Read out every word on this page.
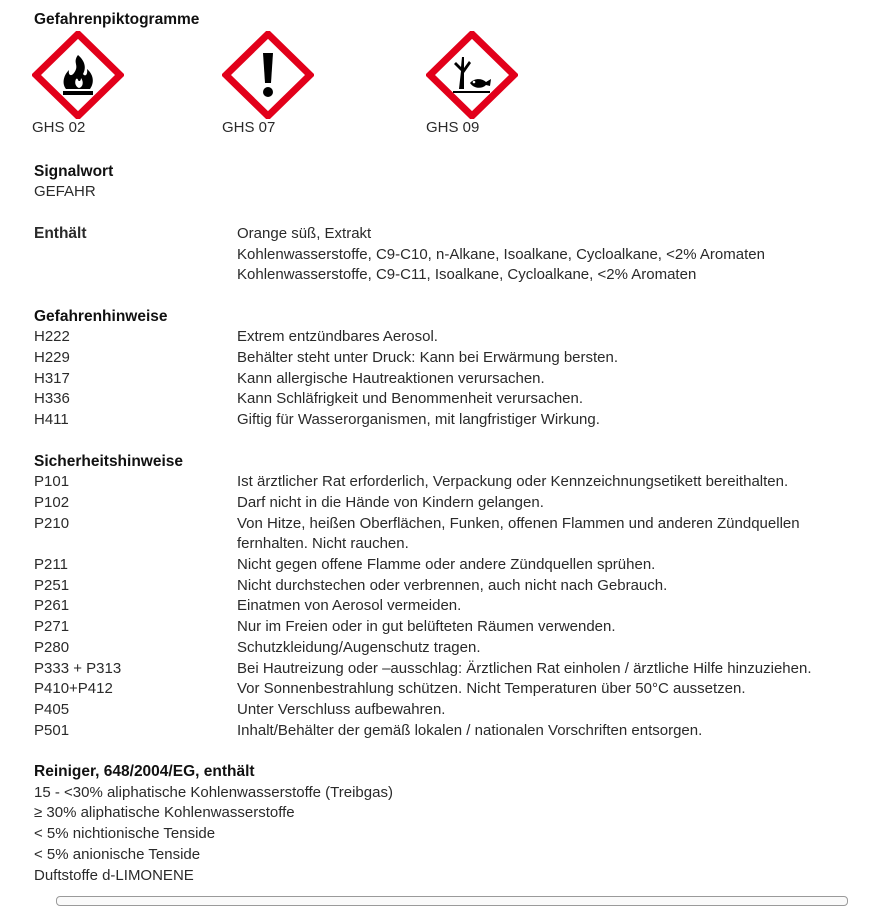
Gefahrenpiktogramme
GHS 02	GHS 07	GHS 09
Signalwort
GEFAHR
Enthält	Orange süß, Extrakt
Kohlenwasserstoffe, C9-C10, n-Alkane, Isoalkane, Cycloalkane, <2% Aromaten
Kohlenwasserstoffe, C9-C11, Isoalkane, Cycloalkane, <2% Aromaten
Gefahrenhinweise
H222	Extrem entzündbares Aerosol.
H229	Behälter steht unter Druck: Kann bei Erwärmung bersten.
H317	Kann allergische Hautreaktionen verursachen.
H336	Kann Schläfrigkeit und Benommenheit verursachen.
H411	Giftig für Wasserorganismen, mit langfristiger Wirkung.
Sicherheitshinweise
P101	Ist ärztlicher Rat erforderlich, Verpackung oder Kennzeichnungsetikett bereithalten.
P102	Darf nicht in die Hände von Kindern gelangen.
P210	Von Hitze, heißen Oberflächen, Funken, offenen Flammen und anderen Zündquellen
fernhalten. Nicht rauchen.
P211	Nicht gegen offene Flamme oder andere Zündquellen sprühen.
P251	Nicht durchstechen oder verbrennen, auch nicht nach Gebrauch.
P261	Einatmen von Aerosol vermeiden.
P271	Nur im Freien oder in gut belüfteten Räumen verwenden.
P280	Schutzkleidung/Augenschutz tragen.
P333 + P313	Bei Hautreizung oder –ausschlag: Ärztlichen Rat einholen / ärztliche Hilfe hinzuziehen.
P410+P412	Vor Sonnenbestrahlung schützen. Nicht Temperaturen über 50°C aussetzen.
P405	Unter Verschluss aufbewahren.
P501	Inhalt/Behälter der gemäß lokalen / nationalen Vorschriften entsorgen.
Reiniger, 648/2004/EG, enthält
15 - <30% aliphatische Kohlenwasserstoffe (Treibgas)
≥ 30% aliphatische Kohlenwasserstoffe
< 5% nichtionische Tenside
< 5% anionische Tenside
Duftstoffe d-LIMONENE
